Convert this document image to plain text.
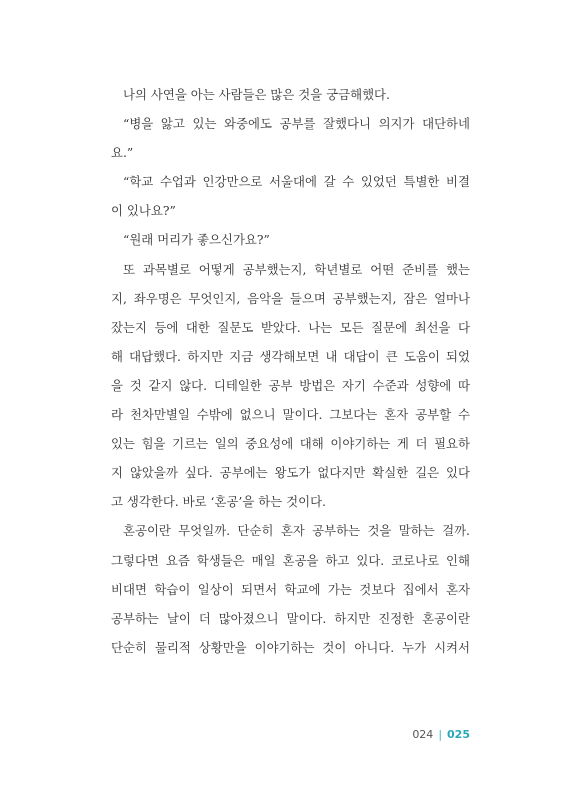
나의 사연을 아는 사람들은 많은 것을 궁금해했다.
“병을 앓고 있는 와중에도 공부를 잘했다니 의지가 대단하네
요.”
“학교 수업과 인강만으로 서울대에 갈 수 있었던 특별한 비결
이 있나요?”
“원래 머리가 좋으신가요?”
또 과목별로 어떻게 공부했는지, 학년별로 어떤 준비를 했는
지, 좌우명은 무엇인지, 음악을 들으며 공부했는지, 잠은 얼마나
잤는지 등에 대한 질문도 받았다. 나는 모든 질문에 최선을 다
해 대답했다. 하지만 지금 생각해보면 내 대답이 큰 도움이 되었
을 것 같지 않다. 디테일한 공부 방법은 자기 수준과 성향에 따
라 천차만별일 수밖에 없으니 말이다. 그보다는 혼자 공부할 수
있는 힘을 기르는 일의 중요성에 대해 이야기하는 게 더 필요하
지 않았을까 싶다. 공부에는 왕도가 없다지만 확실한 길은 있다
고 생각한다. 바로 ‘혼공’을 하는 것이다.
혼공이란 무엇일까. 단순히 혼자 공부하는 것을 말하는 걸까.
그렇다면 요즘 학생들은 매일 혼공을 하고 있다. 코로나로 인해
비대면 학습이 일상이 되면서 학교에 가는 것보다 집에서 혼자
공부하는 날이 더 많아졌으니 말이다. 하지만 진정한 혼공이란
단순히 물리적 상황만을 이야기하는 것이 아니다. 누가 시켜서
024 | 025
